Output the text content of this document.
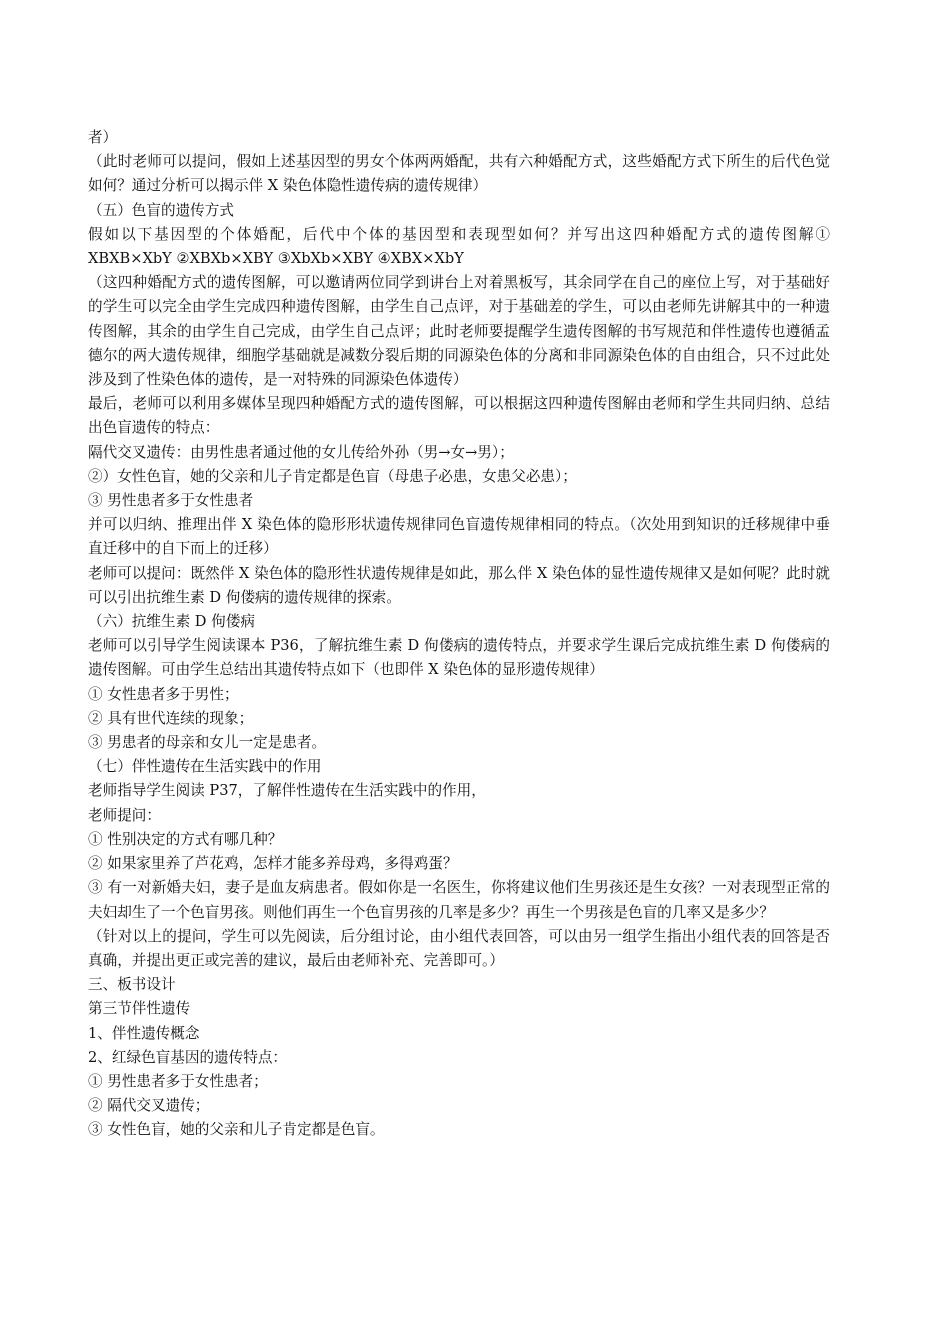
者）

（此时老师可以提问，假如上述基因型的男女个体两两婚配，共有六种婚配方式，这些婚配方式下所生的后代色觉如何？通过分析可以揭示伴 X 染色体隐性遗传病的遗传规律）

（五）色盲的遗传方式

假如以下基因型的个体婚配，后代中个体的基因型和表现型如何？并写出这四种婚配方式的遗传图解① XBXB×XbY ②XBXb×XBY ③XbXb×XBY ④XBX×XbY

（这四种婚配方式的遗传图解，可以邀请两位同学到讲台上对着黑板写，其余同学在自己的座位上写，对于基础好的学生可以完全由学生完成四种遗传图解，由学生自己点评，对于基础差的学生，可以由老师先讲解其中的一种遗传图解，其余的由学生自己完成，由学生自己点评；此时老师要提醒学生遗传图解的书写规范和伴性遗传也遵循孟德尔的两大遗传规律，细胞学基础就是减数分裂后期的同源染色体的分离和非同源染色体的自由组合，只不过此处涉及到了性染色体的遗传，是一对特殊的同源染色体遗传）

最后，老师可以利用多媒体呈现四种婚配方式的遗传图解，可以根据这四种遗传图解由老师和学生共同归纳、总结出色盲遗传的特点：

隔代交叉遗传：由男性患者通过他的女儿传给外孙（男→女→男）；

②）女性色盲，她的父亲和儿子肯定都是色盲（母患子必患，女患父必患）；

③ 男性患者多于女性患者

并可以归纳、推理出伴 X 染色体的隐形形状遗传规律同色盲遗传规律相同的特点。（次处用到知识的迁移规律中垂直迁移中的自下而上的迁移）

老师可以提问：既然伴 X 染色体的隐形性状遗传规律是如此，那么伴 X 染色体的显性遗传规律又是如何呢？此时就可以引出抗维生素 D 佝偻病的遗传规律的探索。

（六）抗维生素 D 佝偻病

老师可以引导学生阅读课本 P36，了解抗维生素 D 佝偻病的遗传特点，并要求学生课后完成抗维生素 D 佝偻病的遗传图解。可由学生总结出其遗传特点如下（也即伴 X 染色体的显形遗传规律）

① 女性患者多于男性；

② 具有世代连续的现象；

③ 男患者的母亲和女儿一定是患者。

（七）伴性遗传在生活实践中的作用

老师指导学生阅读 P37，了解伴性遗传在生活实践中的作用，

老师提问：

① 性别决定的方式有哪几种？

② 如果家里养了芦花鸡，怎样才能多养母鸡，多得鸡蛋？

③ 有一对新婚夫妇，妻子是血友病患者。假如你是一名医生，你将建议他们生男孩还是生女孩？一对表现型正常的夫妇却生了一个色盲男孩。则他们再生一个色盲男孩的几率是多少？再生一个男孩是色盲的几率又是多少？

（针对以上的提问，学生可以先阅读，后分组讨论，由小组代表回答，可以由另一组学生指出小组代表的回答是否真确，并提出更正或完善的建议，最后由老师补充、完善即可。）

三、板书设计

第三节伴性遗传

1、伴性遗传概念

2、红绿色盲基因的遗传特点：

① 男性患者多于女性患者；

② 隔代交叉遗传；

③ 女性色盲，她的父亲和儿子肯定都是色盲。
